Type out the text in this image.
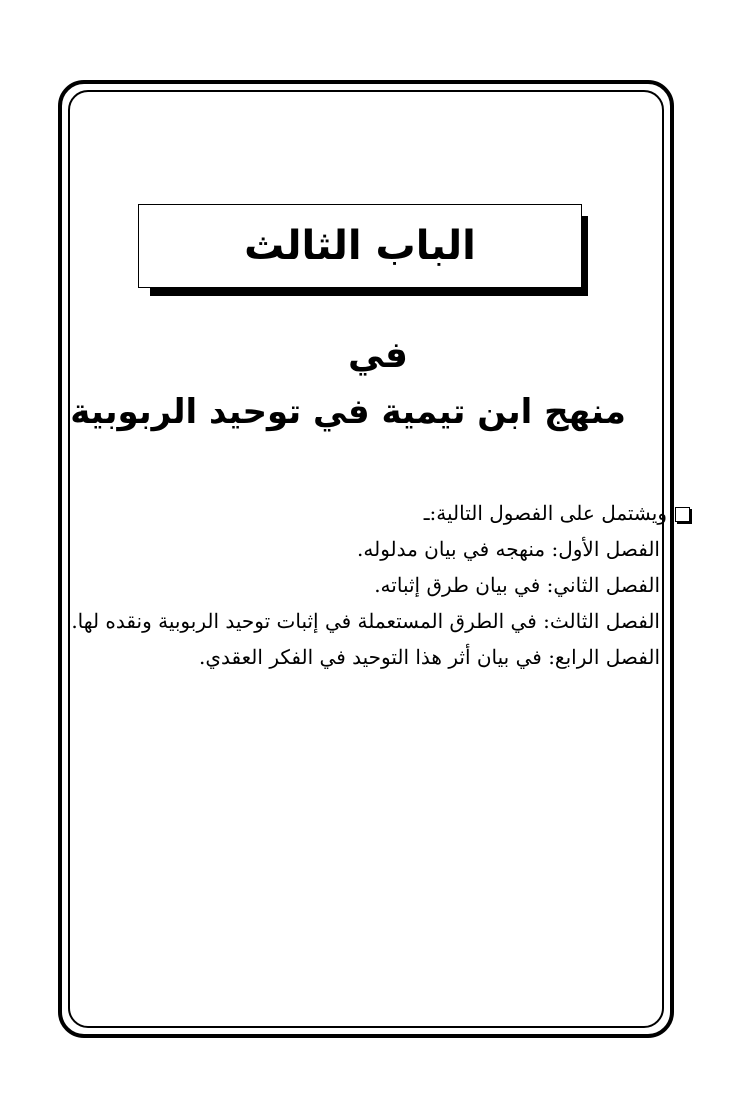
الباب الثالث
في
منهج ابن تيمية في توحيد الربوبية
ويشتمل على الفصول التالية:ـ
الفصل الأول: منهجه في بيان مدلوله.
الفصل الثاني: في بيان طرق إثباته.
الفصل الثالث: في الطرق المستعملة في إثبات توحيد الربوبية ونقده لها.
الفصل الرابع: في بيان أثر هذا التوحيد في الفكر العقدي.
